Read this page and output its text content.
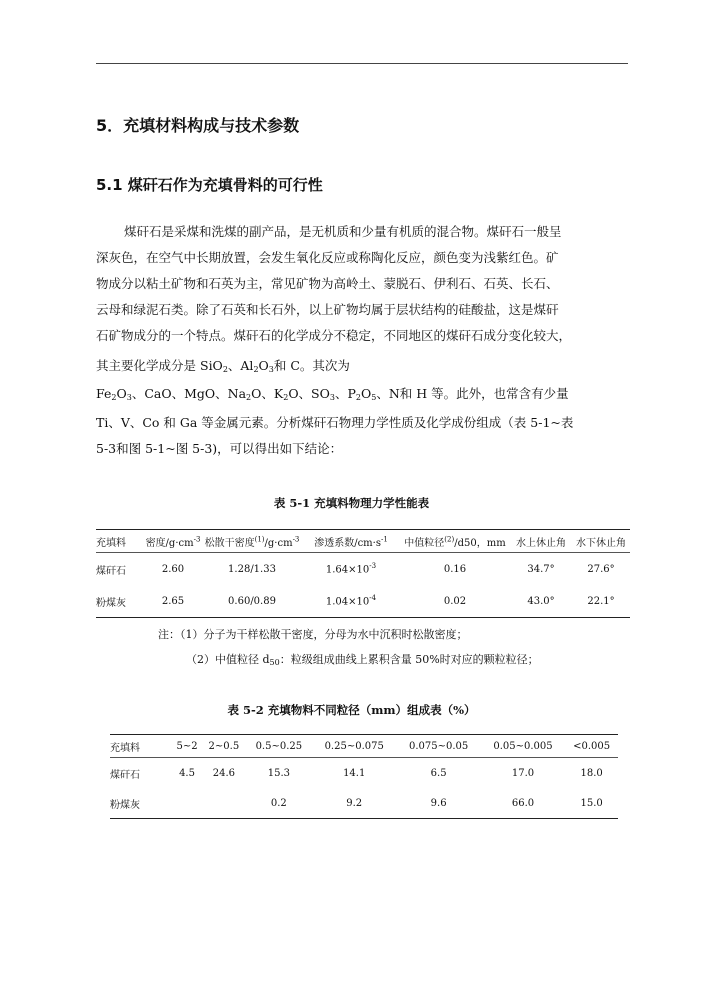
5．充填材料构成与技术参数
5.1 煤矸石作为充填骨料的可行性
煤矸石是采煤和洗煤的副产品，是无机质和少量有机质的混合物。煤矸石一般呈
深灰色，在空气中长期放置，会发生氧化反应或称陶化反应，颜色变为浅紫红色。矿
物成分以粘土矿物和石英为主，常见矿物为高岭土、蒙脱石、伊利石、石英、长石、
云母和绿泥石类。除了石英和长石外，以上矿物均属于层状结构的硅酸盐，这是煤矸
石矿物成分的一个特点。煤矸石的化学成分不稳定，不同地区的煤矸石成分变化较大，
其主要化学成分是 SiO$_2$、$Al_2O_3$和 C。其次为
$Fe_2O_3$、CaO、MgO、$Na_2O$、$K_2O$、$SO_3$、$P_2O_5$、N和 H 等。此外，也常含有少量
Ti、V、Co 和 Ga 等金属元素。分析煤矸石物理力学性质及化学成份组成（表 5-1~表
5-3和图 5-1~图 5-3)，可以得出如下结论：
表 5-1 充填料物理力学性能表
充填料	密度$/g\cdot cm^{-3}$	松散干密度$^{(1)}/g\cdot cm^{-3}$	渗透系数$/cm\cdot s^{-1}$	中值粒径$^{(2)}$/d50，mm	水上休止角	水下休止角
煤矸石	2.60	1.28/1.33	$1.64\times 10^{-3}$	0.16	34.7°	27.6°
粉煤灰	2.65	0.60/0.89	$1.04\times 10^{-4}$	0.02	43.0°	22.1°
注：（1）分子为干样松散干密度，分母为水中沉积时松散密度；
（2）中值粒径 $d_{50}$：粒级组成曲线上累积含量 50%时对应的颗粒粒径；
表 5-2 充填物料不同粒径（mm）组成表（%）
充填料	5~2	2~0.5	0.5~0.25	0.25~0.075	0.075~0.05	0.05~0.005	<0.005
煤矸石	4.5	24.6	15.3	14.1	6.5	17.0	18.0
粉煤灰			0.2	9.2	9.6	66.0	15.0
